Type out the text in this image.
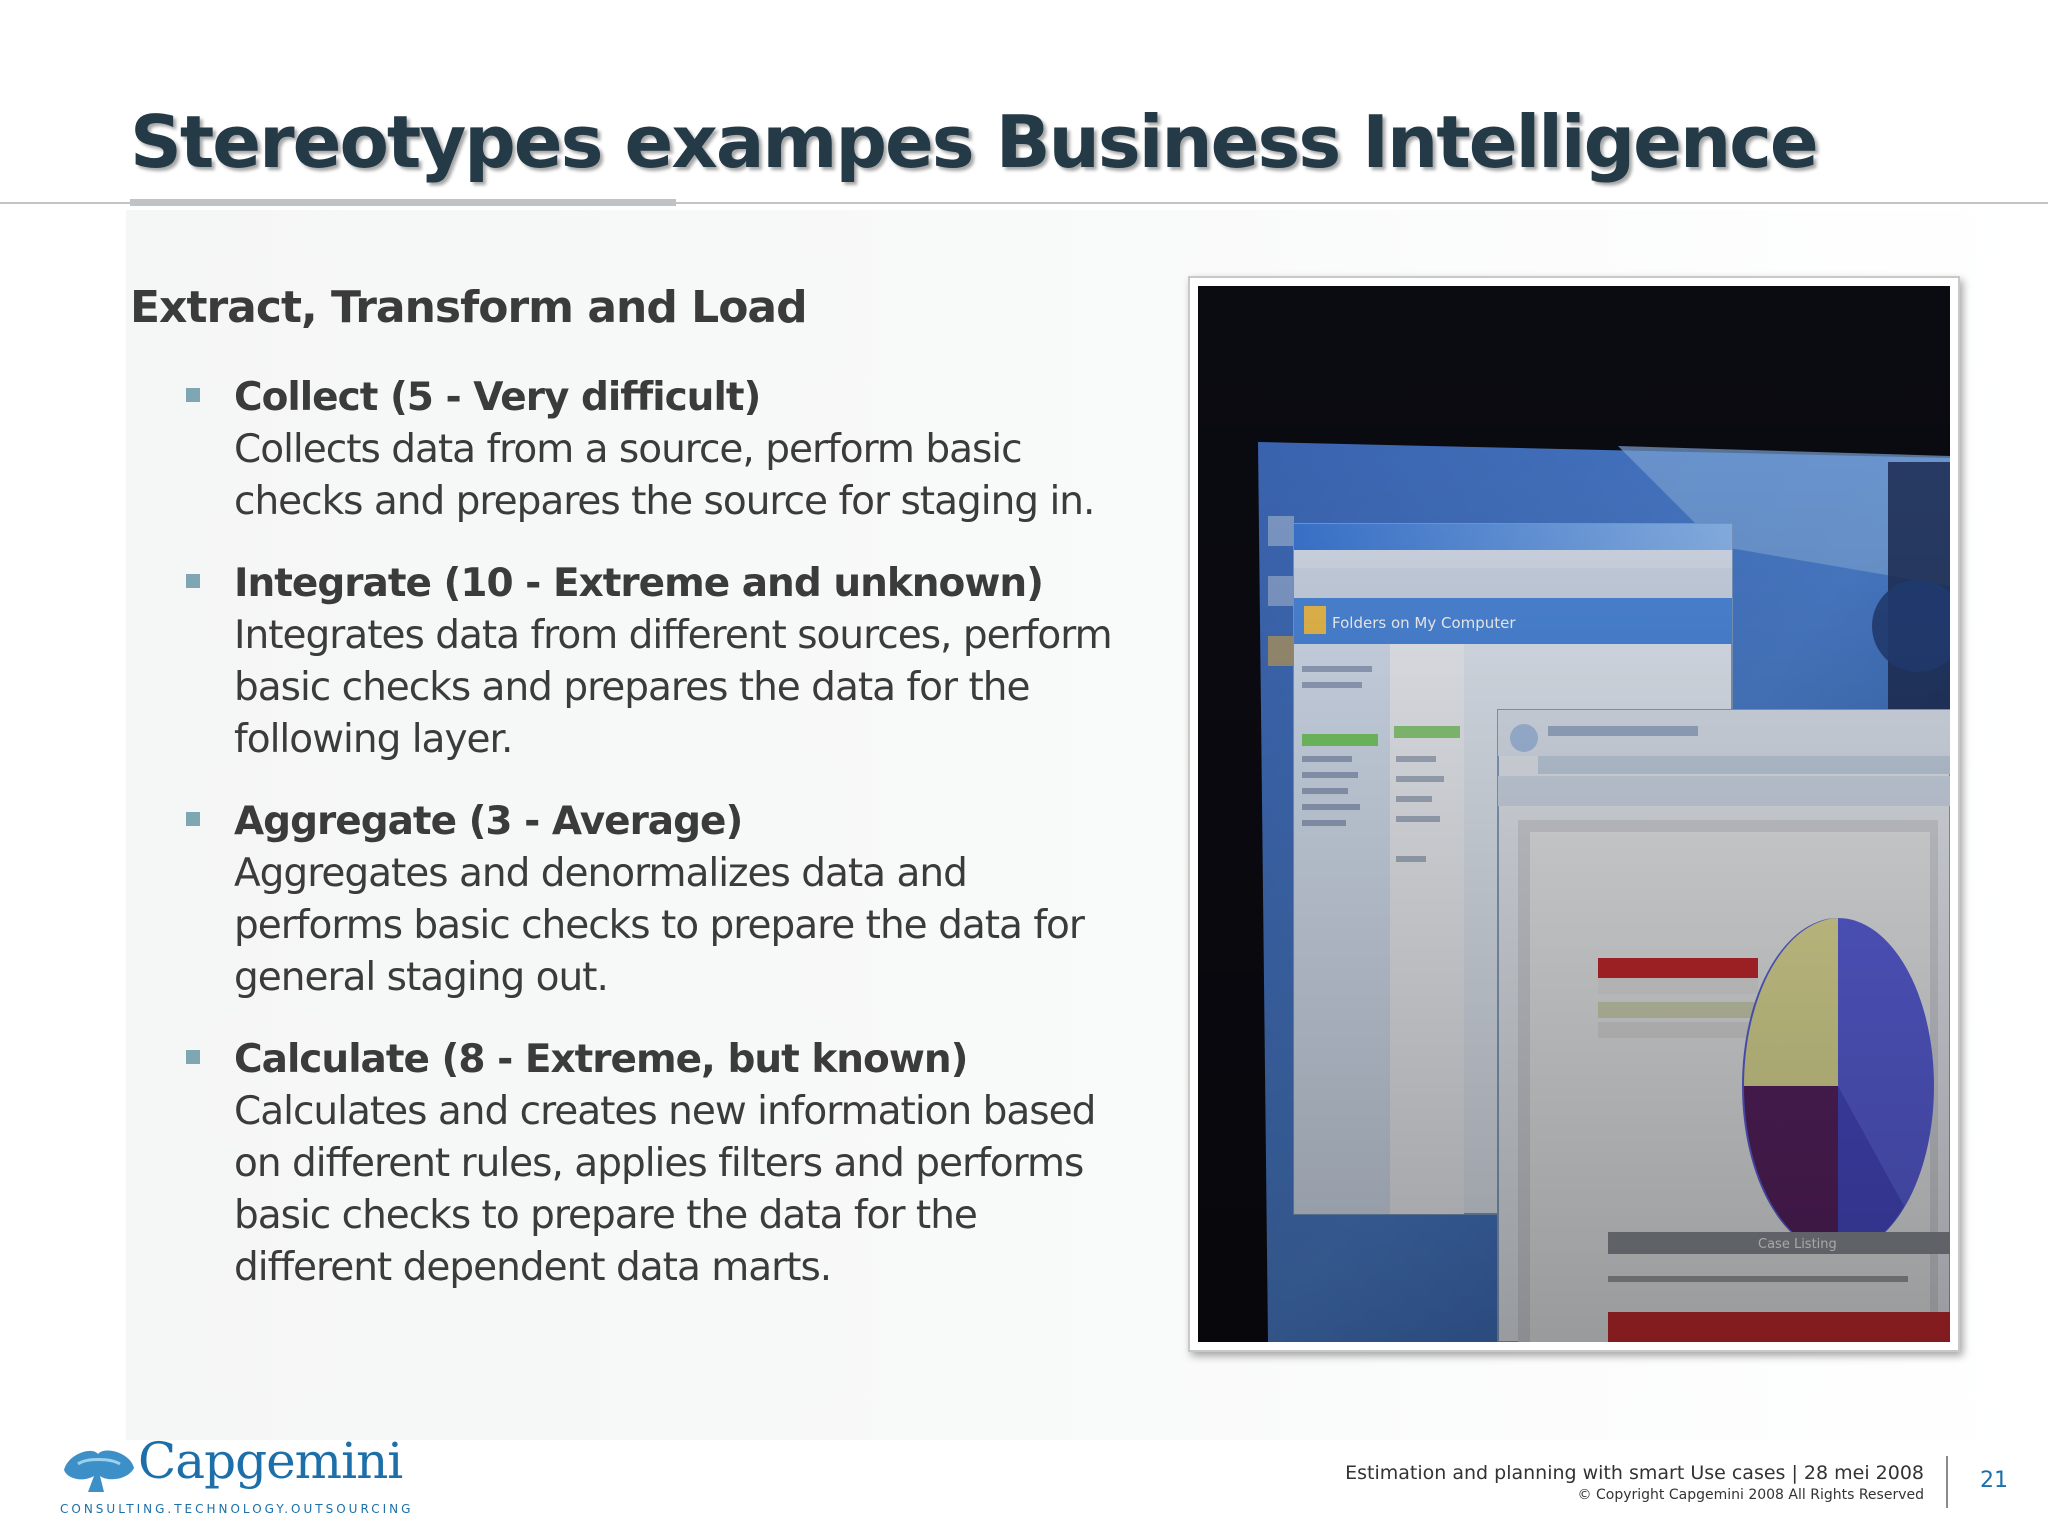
Stereotypes exampes Business Intelligence
Extract, Transform and Load
Collect (5 - Very difficult)
Collects data from a source, perform basic checks and prepares the source for staging in.
Integrate (10 - Extreme and unknown)
Integrates data from different sources, perform basic checks and prepares the data for the following layer.
Aggregate (3 - Average)
Aggregates and denormalizes data and performs basic checks to prepare the data for general staging out.
Calculate (8 - Extreme, but known)
Calculates and creates new information based on different rules, applies filters and performs basic checks to prepare the data for the different dependent data marts.
Capgemini
CONSULTING.TECHNOLOGY.OUTSOURCING
Estimation and planning with smart Use cases | 28 mei 2008
© Copyright Capgemini 2008 All Rights Reserved
21
